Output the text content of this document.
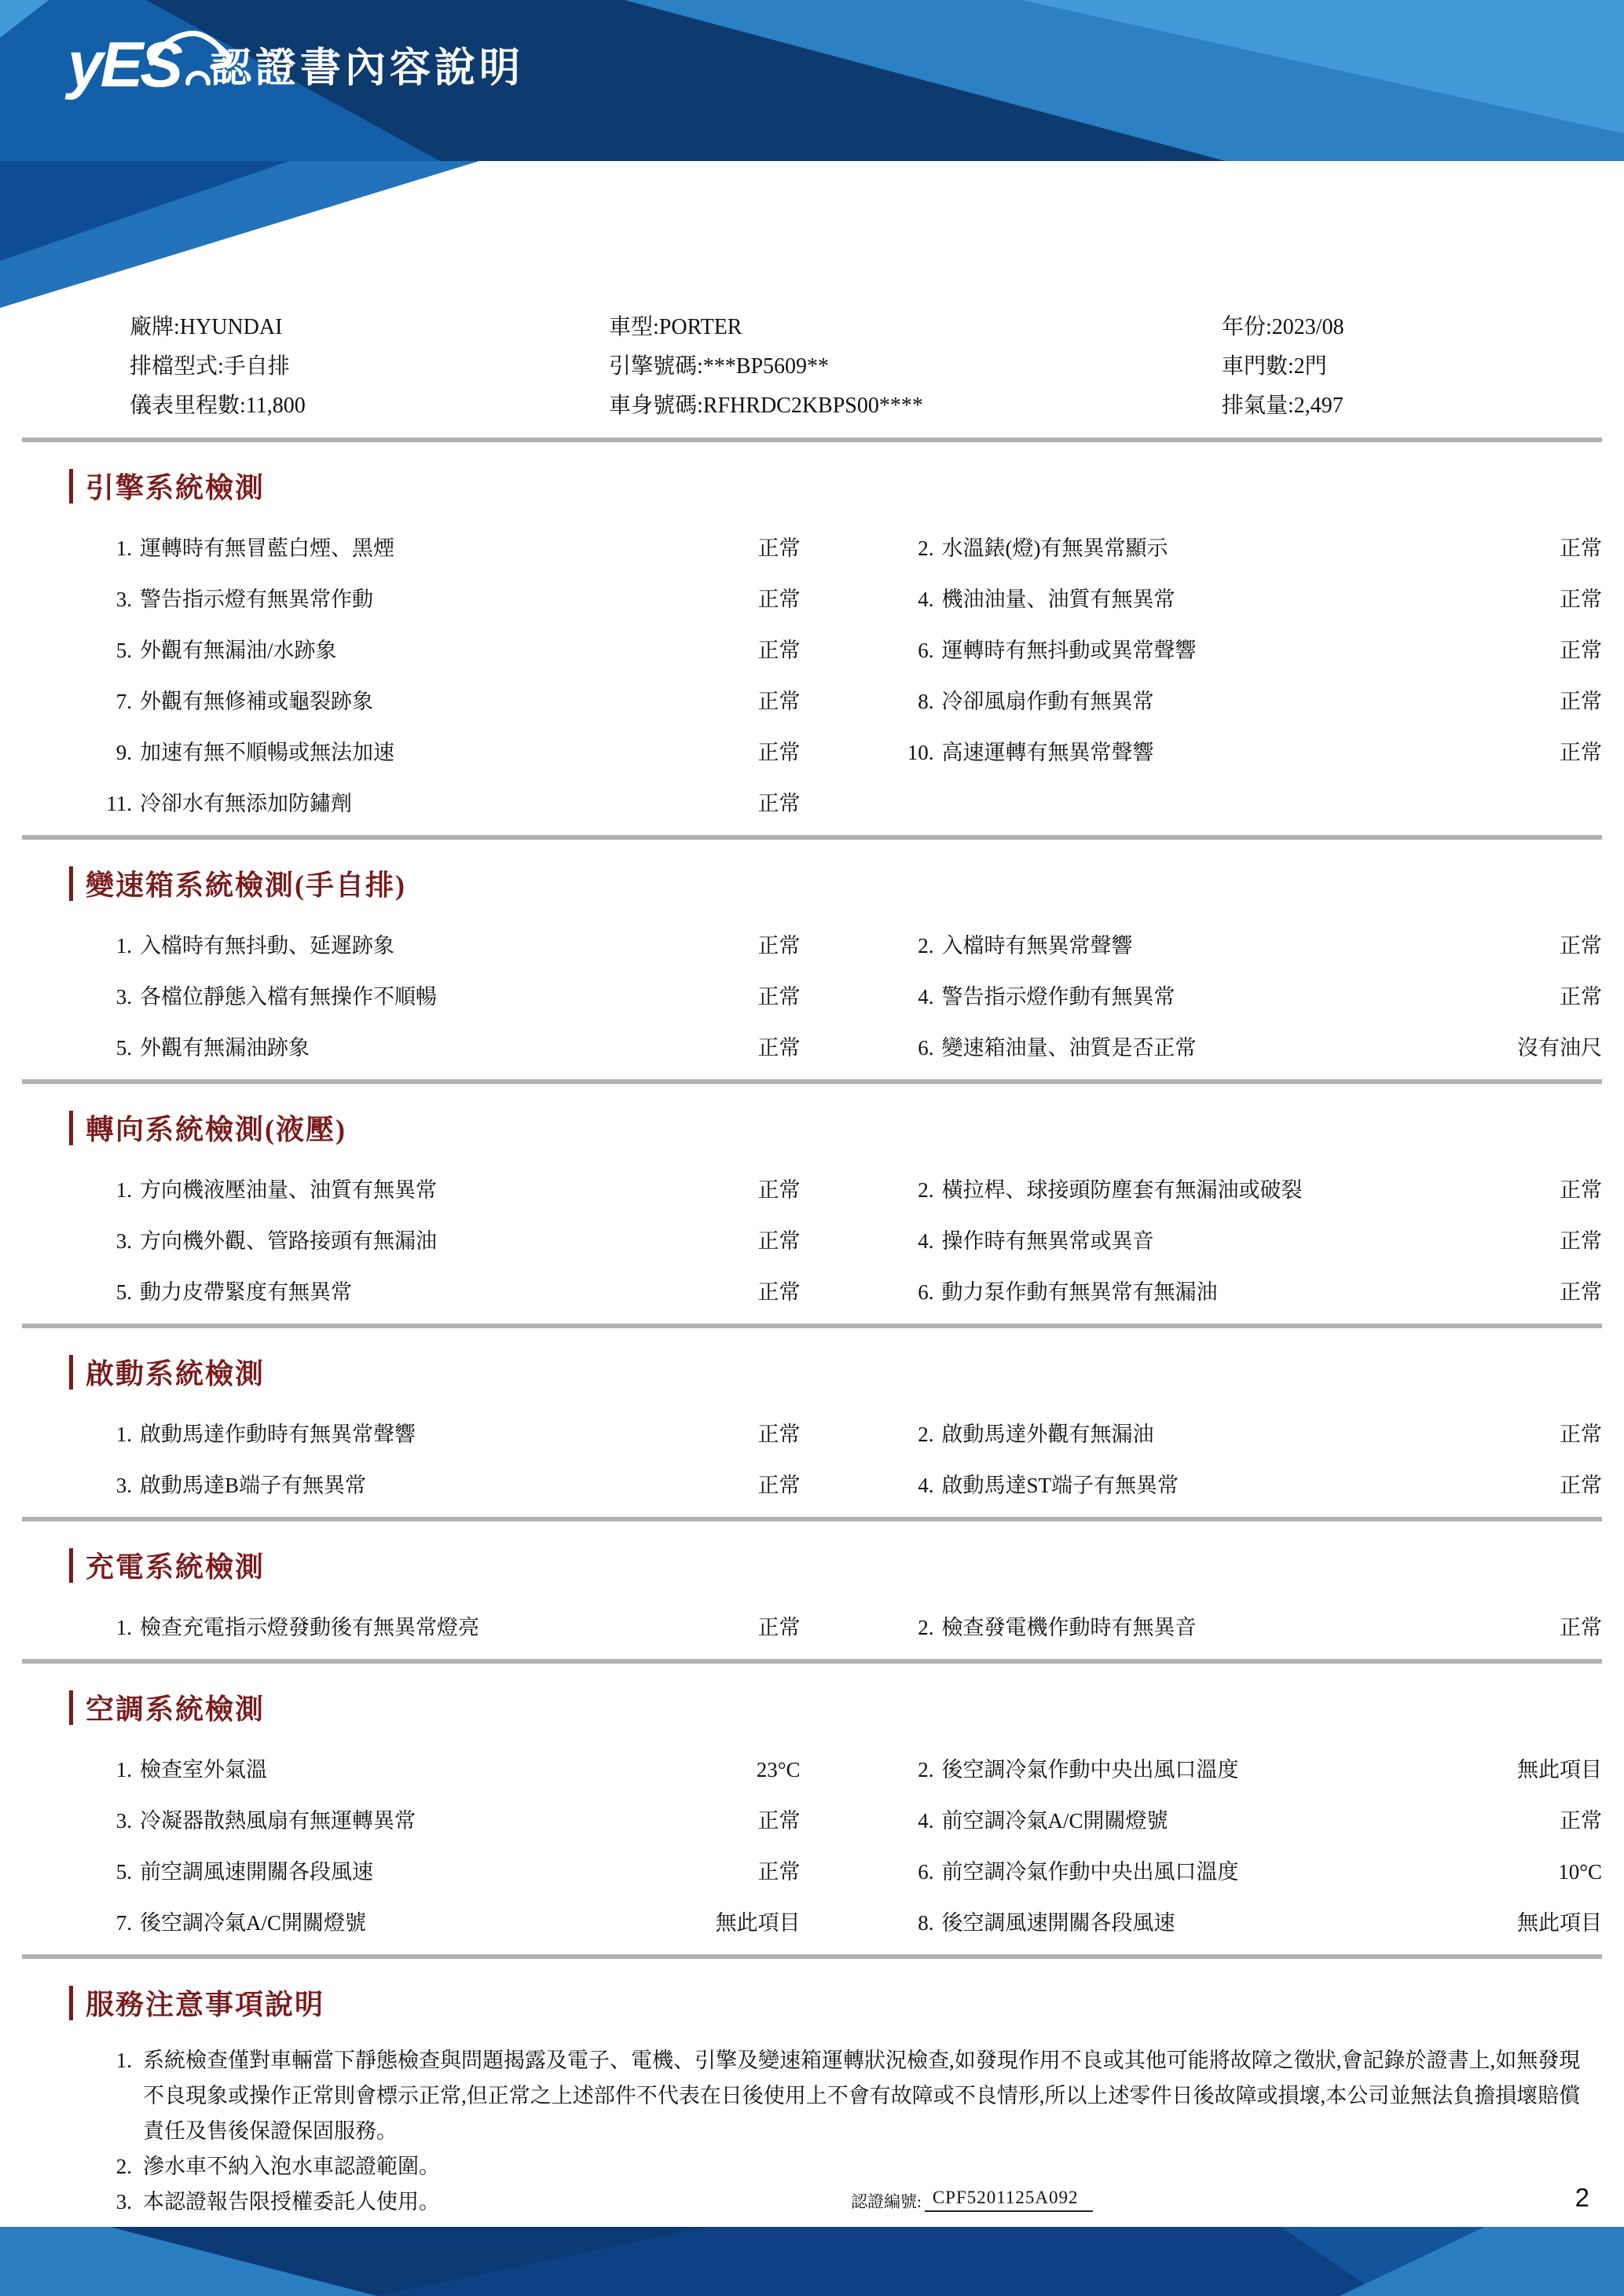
yES 認證書內容說明
廠牌:HYUNDAI	車型:PORTER	年份:2023/08
排檔型式:手自排	引擎號碼:***BP5609**	車門數:2門
儀表里程數:11,800	車身號碼:RFHRDC2KBPS00****	排氣量:2,497
引擎系統檢測
1. 運轉時有無冒藍白煙、黑煙	正常	2. 水溫錶(燈)有無異常顯示	正常
3. 警告指示燈有無異常作動	正常	4. 機油油量、油質有無異常	正常
5. 外觀有無漏油/水跡象	正常	6. 運轉時有無抖動或異常聲響	正常
7. 外觀有無修補或龜裂跡象	正常	8. 冷卻風扇作動有無異常	正常
9. 加速有無不順暢或無法加速	正常	10. 高速運轉有無異常聲響	正常
11. 冷卻水有無添加防鏽劑	正常
變速箱系統檢測(手自排)
1. 入檔時有無抖動、延遲跡象	正常	2. 入檔時有無異常聲響	正常
3. 各檔位靜態入檔有無操作不順暢	正常	4. 警告指示燈作動有無異常	正常
5. 外觀有無漏油跡象	正常	6. 變速箱油量、油質是否正常	沒有油尺
轉向系統檢測(液壓)
1. 方向機液壓油量、油質有無異常	正常	2. 橫拉桿、球接頭防塵套有無漏油或破裂	正常
3. 方向機外觀、管路接頭有無漏油	正常	4. 操作時有無異常或異音	正常
5. 動力皮帶緊度有無異常	正常	6. 動力泵作動有無異常有無漏油	正常
啟動系統檢測
1. 啟動馬達作動時有無異常聲響	正常	2. 啟動馬達外觀有無漏油	正常
3. 啟動馬達B端子有無異常	正常	4. 啟動馬達ST端子有無異常	正常
充電系統檢測
1. 檢查充電指示燈發動後有無異常燈亮	正常	2. 檢查發電機作動時有無異音	正常
空調系統檢測
1. 檢查室外氣溫	23°C	2. 後空調冷氣作動中央出風口溫度	無此項目
3. 冷凝器散熱風扇有無運轉異常	正常	4. 前空調冷氣A/C開關燈號	正常
5. 前空調風速開關各段風速	正常	6. 前空調冷氣作動中央出風口溫度	10°C
7. 後空調冷氣A/C開關燈號	無此項目	8. 後空調風速開關各段風速	無此項目
服務注意事項說明
1. 系統檢查僅對車輛當下靜態檢查與問題揭露及電子、電機、引擎及變速箱運轉狀況檢查,如發現作用不良或其他可能將故障之徵狀,會記錄於證書上,如無發現不良現象或操作正常則會標示正常,但正常之上述部件不代表在日後使用上不會有故障或不良情形,所以上述零件日後故障或損壞,本公司並無法負擔損壞賠償責任及售後保證保固服務。
2. 滲水車不納入泡水車認證範圍。
3. 本認證報告限授權委託人使用。	認證編號: CPF5201125A092	2
